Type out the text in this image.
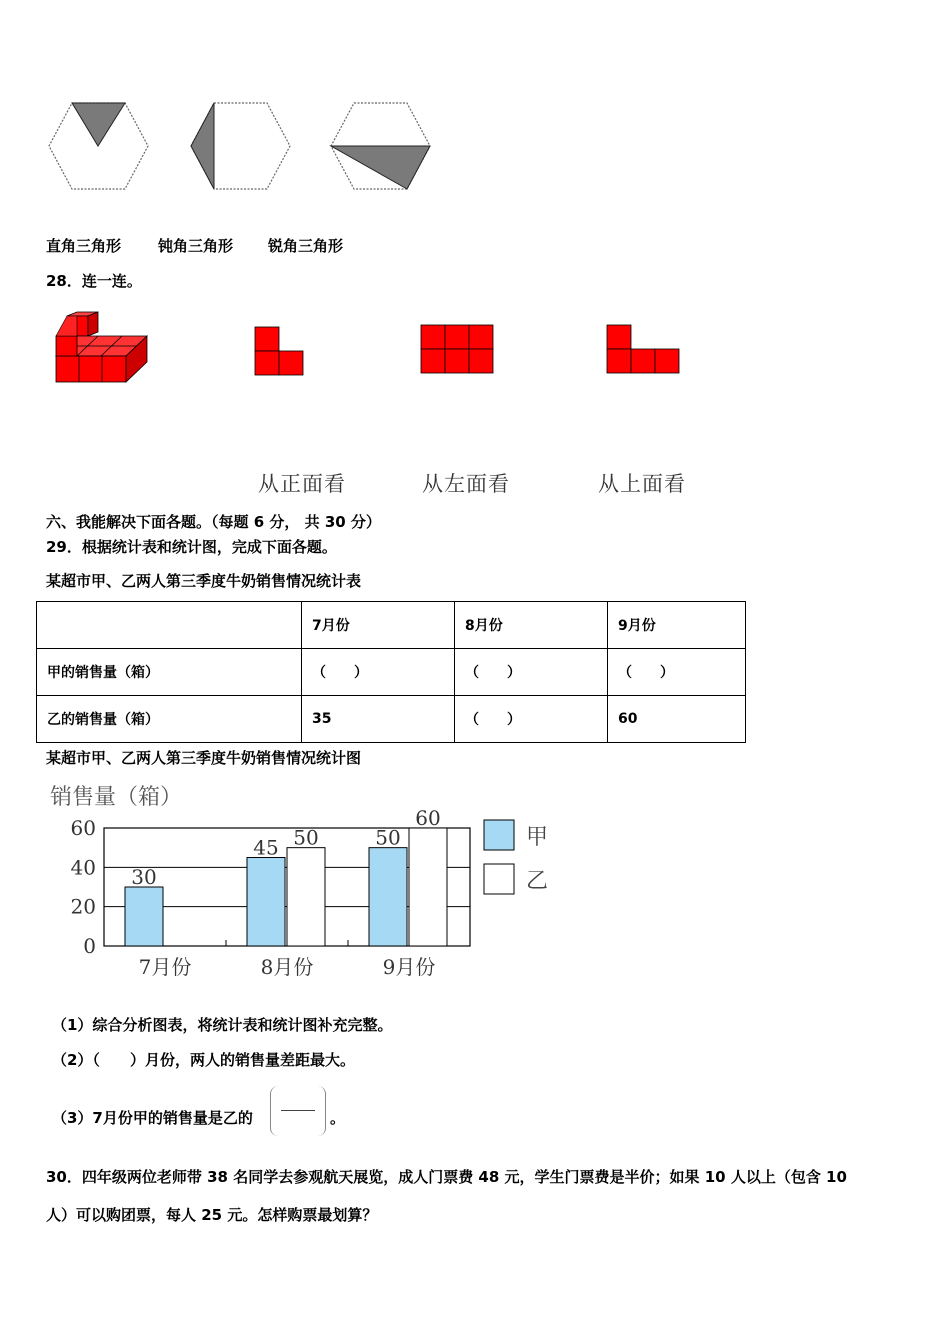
直角三角形 钝角三角形 锐角三角形
28．连一连。
从正面看	从左面看	从上面看
六、我能解决下面各题。（每题 6 分， 共 30 分）
29．根据统计表和统计图，完成下面各题。
某超市甲、乙两人第三季度牛奶销售情况统计表
	7月份	8月份	9月份
甲的销售量（箱）	（　　）	（　　）	（　　）
乙的销售量（箱）	35	（　　）	60
某超市甲、乙两人第三季度牛奶销售情况统计图
销售量（箱）
0
20
40
60
30
7月份
45 50
8月份
50
60
9月份
甲
乙
（1）综合分析图表，将统计表和统计图补充完整。
（2）（　　）月份，两人的销售量差距最大。
（3）7月份甲的销售量是乙的	。
30．四年级两位老师带 38 名同学去参观航天展览，成人门票费 48 元，学生门票费是半价；如果 10 人以上（包含 10
人）可以购团票，每人 25 元。怎样购票最划算？
